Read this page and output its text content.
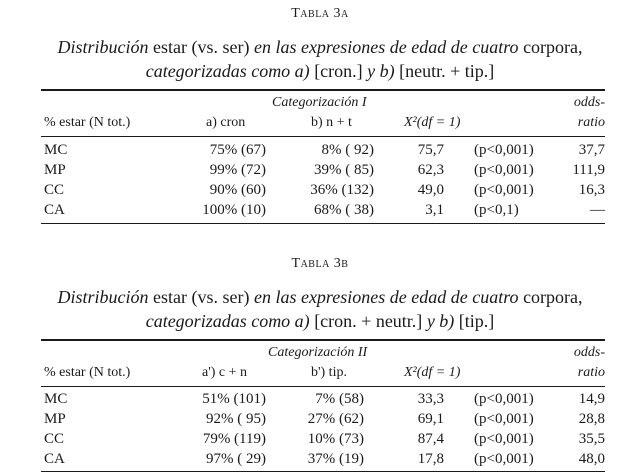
Tabla 3a
Distribución estar (vs. ser) en las expresiones de edad de cuatro corpora,
categorizadas como a) [cron.] y b) [neutr. + tip.]
Categorización I	odds-
% estar (N tot.)	a) cron	b) n + t	X²(df = 1)	ratio
MC	75% (67)	8% ( 92)	75,7 (p<0,001)	37,7
MP	99% (72)	39% ( 85)	62,3 (p<0,001)	111,9
CC	90% (60)	36% (132)	49,0 (p<0,001)	16,3
CA	100% (10)	68% ( 38)	3,1 (p<0,1)	—
Tabla 3b
Distribución estar (vs. ser) en las expresiones de edad de cuatro corpora,
categorizadas como a) [cron. + neutr.] y b) [tip.]
Categorización II	odds-
% estar (N tot.)	a') c + n	b') tip.	X²(df = 1)	ratio
MC	51% (101)	7% (58)	33,3 (p<0,001)	14,9
MP	92% ( 95)	27% (62)	69,1 (p<0,001)	28,8
CC	79% (119)	10% (73)	87,4 (p<0,001)	35,5
CA	97% ( 29)	37% (19)	17,8 (p<0,001)	48,0
